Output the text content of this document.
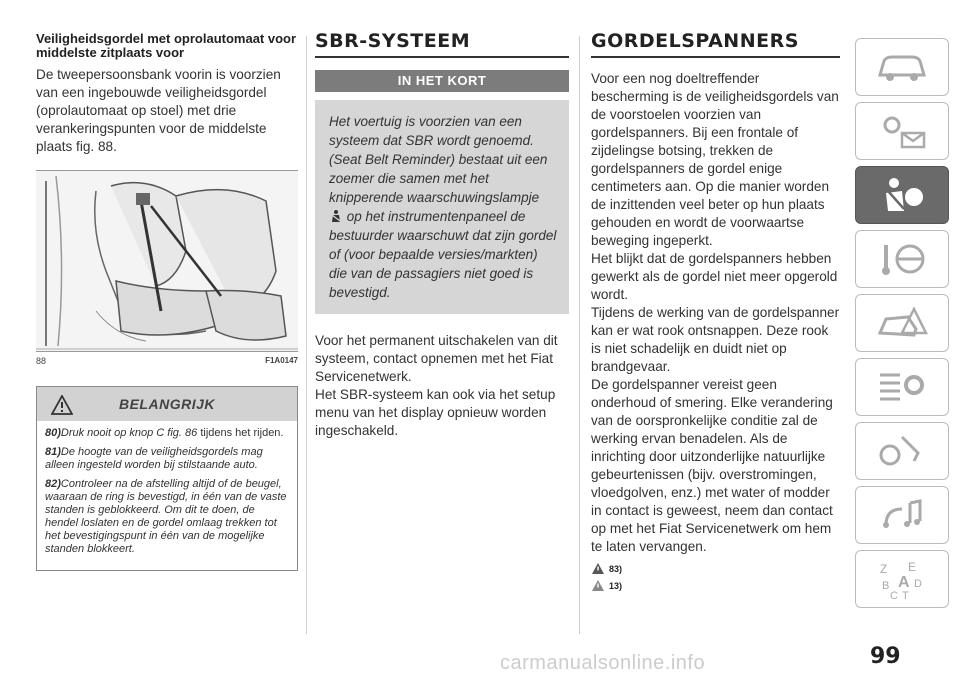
Veiligheidsgordel met oprolautomaat voor middelste zitplaats voor
De tweepersoonsbank voorin is voorzien van een ingebouwde veiligheidsgordel (oprolautomaat op stoel) met drie verankeringspunten voor de middelste plaats fig. 88.
88	F1A0147
BELANGRIJK

80)Druk nooit op knop C fig. 86 tijdens het rijden.

81)De hoogte van de veiligheidsgordels mag alleen ingesteld worden bij stilstaande auto.

82)Controleer na de afstelling altijd of de beugel, waaraan de ring is bevestigd, in één van de vaste standen is geblokkeerd. Om dit te doen, de hendel loslaten en de gordel omlaag trekken tot het bevestigingspunt in één van de mogelijke standen blokkeert.

SBR-SYSTEEM
IN HET KORT
Het voertuig is voorzien van een systeem dat SBR wordt genoemd. (Seat Belt Reminder) bestaat uit een zoemer die samen met het knipperende waarschuwingslampje
op het instrumentenpaneel de bestuurder waarschuwt dat zijn gordel of (voor bepaalde versies/markten) die van de passagiers niet goed is bevestigd.
Voor het permanent uitschakelen van dit systeem, contact opnemen met het Fiat Servicenetwerk.
Het SBR-systeem kan ook via het setup menu van het display opnieuw worden ingeschakeld.
GORDELSPANNERS
Voor een nog doeltreffender bescherming is de veiligheidsgordels van de voorstoelen voorzien van gordelspanners. Bij een frontale of zijdelingse botsing, trekken de gordelspanners de gordel enige centimeters aan. Op die manier worden de inzittenden veel beter op hun plaats gehouden en wordt de voorwaartse beweging ingeperkt.
Het blijkt dat de gordelspanners hebben gewerkt als de gordel niet meer opgerold wordt.
Tijdens de werking van de gordelspanner kan er wat rook ontsnappen. Deze rook is niet schadelijk en duidt niet op brandgevaar.
De gordelspanner vereist geen onderhoud of smering. Elke verandering van de oorspronkelijke conditie zal de werking ervan benadelen. Als de inrichting door uitzonderlijke natuurlijke gebeurtenissen (bijv. overstromingen, vloedgolven, enz.) met water of modder in contact is geweest, neem dan contact op met het Fiat Servicenetwerk om hem te laten vervangen.
83)
13)
Z E
B A D
C T
99
carmanualsonline.info
